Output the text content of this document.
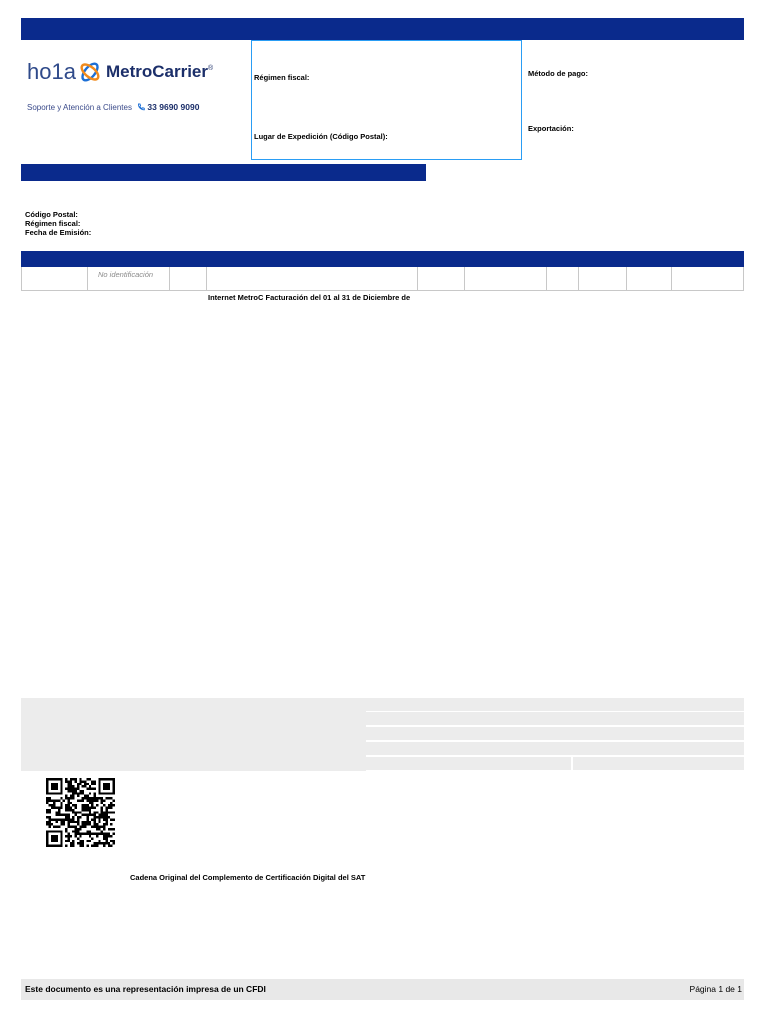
ho1a MetroCarrier ®
Soporte y Atención a Clientes 33 9690 9090
Régimen fiscal:
Lugar de Expedición (Código Postal):
Método de pago:
Exportación:
Código Postal:
Régimen fiscal:
Fecha de Emisión:
No identificación
Internet MetroC Facturación del 01 al 31 de Diciembre de
Cadena Original del Complemento de Certificación Digital del SAT
Este documento es una representación impresa de un CFDI	Página 1 de 1
